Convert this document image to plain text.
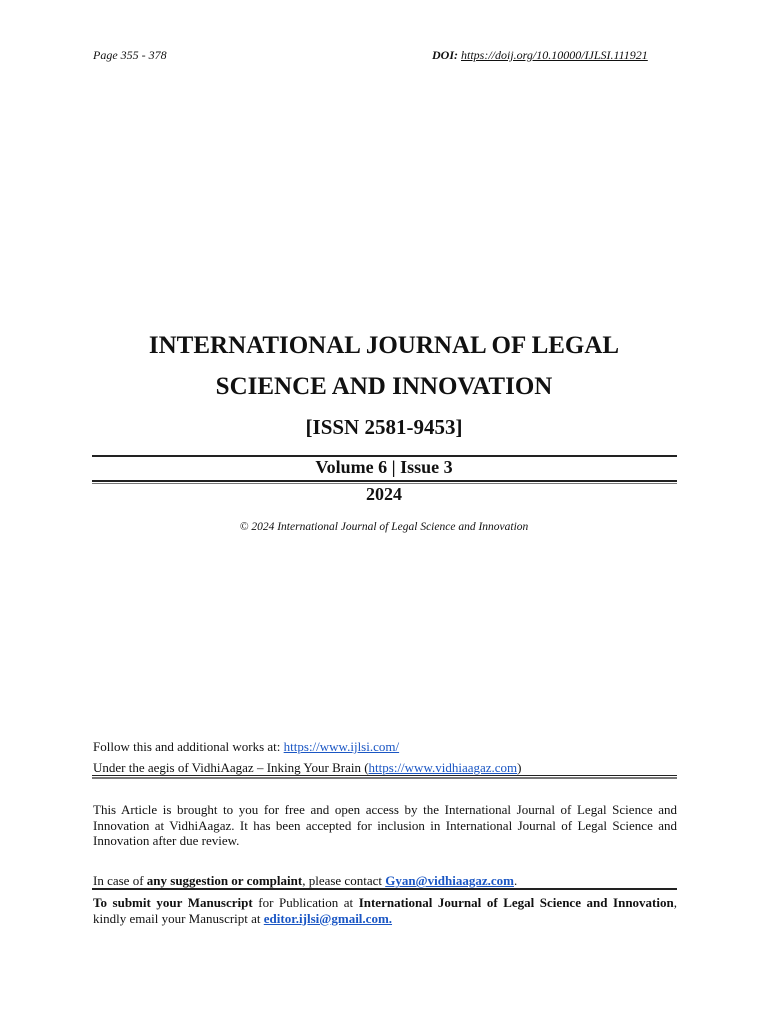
Page 355 - 378	DOI: https://doij.org/10.10000/IJLSI.111921
INTERNATIONAL JOURNAL OF LEGAL
SCIENCE AND INNOVATION
[ISSN 2581-9453]
Volume 6 | Issue 3
2024
© 2024 International Journal of Legal Science and Innovation
Follow this and additional works at: https://www.ijlsi.com/
Under the aegis of VidhiAagaz – Inking Your Brain (https://www.vidhiaagaz.com)
This Article is brought to you for free and open access by the International Journal of Legal Science and Innovation at VidhiAagaz. It has been accepted for inclusion in International Journal of Legal Science and Innovation after due review.
In case of any suggestion or complaint, please contact Gyan@vidhiaagaz.com.
To submit your Manuscript for Publication at International Journal of Legal Science and Innovation, kindly email your Manuscript at editor.ijlsi@gmail.com.
